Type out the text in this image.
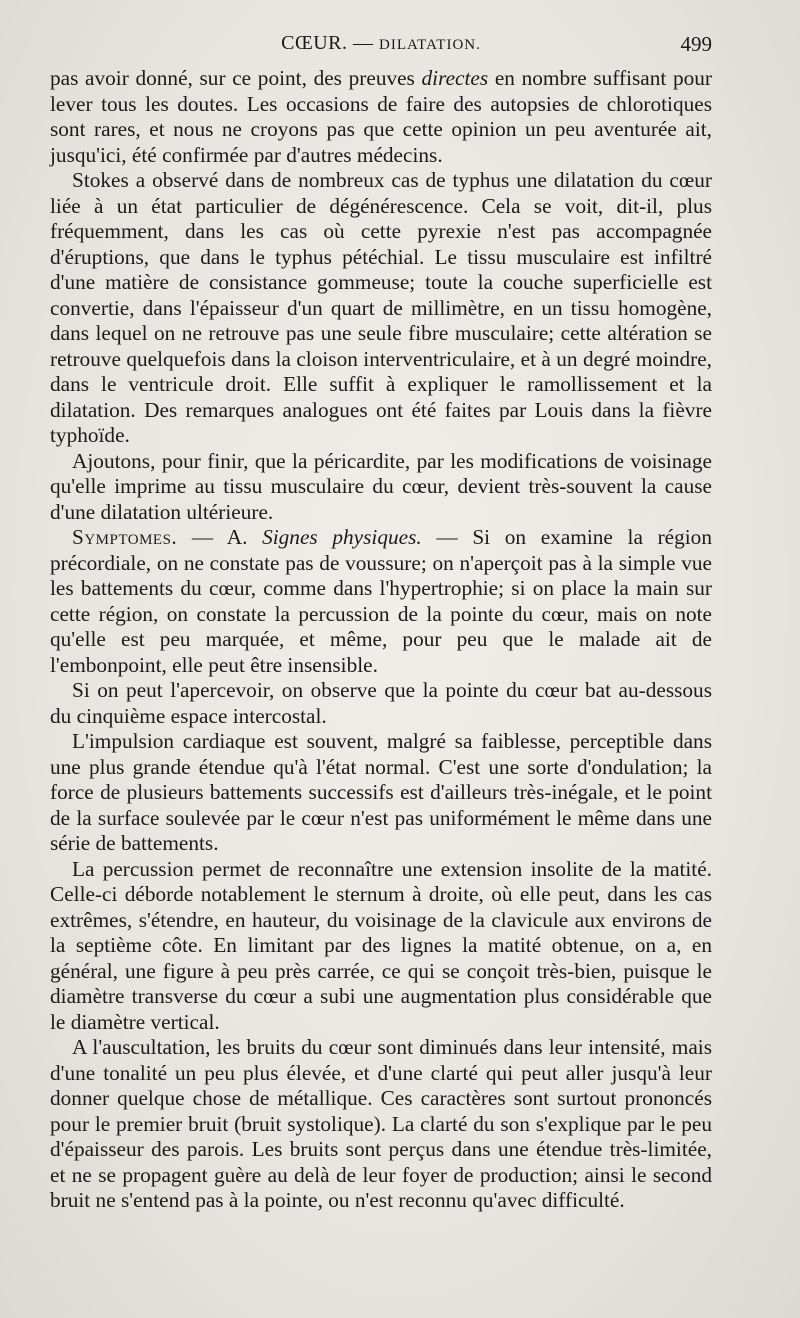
CŒUR. — DILATATION.	499

pas avoir donné, sur ce point, des preuves directes en nombre suffisant pour lever tous les doutes. Les occasions de faire des autopsies de chlorotiques sont rares, et nous ne croyons pas que cette opinion un peu aventurée ait, jusqu'ici, été confirmée par d'autres médecins.

Stokes a observé dans de nombreux cas de typhus une dilatation du cœur liée à un état particulier de dégénérescence. Cela se voit, dit-il, plus fréquemment, dans les cas où cette pyrexie n'est pas accompagnée d'éruptions, que dans le typhus pétéchial. Le tissu musculaire est infiltré d'une matière de consistance gommeuse; toute la couche superficielle est convertie, dans l'épaisseur d'un quart de millimètre, en un tissu homogène, dans lequel on ne retrouve pas une seule fibre musculaire; cette altération se retrouve quelquefois dans la cloison interventriculaire, et à un degré moindre, dans le ventricule droit. Elle suffit à expliquer le ramollissement et la dilatation. Des remarques analogues ont été faites par Louis dans la fièvre typhoïde.

Ajoutons, pour finir, que la péricardite, par les modifications de voisinage qu'elle imprime au tissu musculaire du cœur, devient très-souvent la cause d'une dilatation ultérieure.

Symptomes. — A. Signes physiques. — Si on examine la région précordiale, on ne constate pas de voussure; on n'aperçoit pas à la simple vue les battements du cœur, comme dans l'hypertrophie; si on place la main sur cette région, on constate la percussion de la pointe du cœur, mais on note qu'elle est peu marquée, et même, pour peu que le malade ait de l'embonpoint, elle peut être insensible.

Si on peut l'apercevoir, on observe que la pointe du cœur bat au-dessous du cinquième espace intercostal.

L'impulsion cardiaque est souvent, malgré sa faiblesse, perceptible dans une plus grande étendue qu'à l'état normal. C'est une sorte d'ondulation; la force de plusieurs battements successifs est d'ailleurs très-inégale, et le point de la surface soulevée par le cœur n'est pas uniformément le même dans une série de battements.

La percussion permet de reconnaître une extension insolite de la matité. Celle-ci déborde notablement le sternum à droite, où elle peut, dans les cas extrêmes, s'étendre, en hauteur, du voisinage de la clavicule aux environs de la septième côte. En limitant par des lignes la matité obtenue, on a, en général, une figure à peu près carrée, ce qui se conçoit très-bien, puisque le diamètre transverse du cœur a subi une augmentation plus considérable que le diamètre vertical.

A l'auscultation, les bruits du cœur sont diminués dans leur intensité, mais d'une tonalité un peu plus élevée, et d'une clarté qui peut aller jusqu'à leur donner quelque chose de métallique. Ces caractères sont surtout prononcés pour le premier bruit (bruit systolique). La clarté du son s'explique par le peu d'épaisseur des parois. Les bruits sont perçus dans une étendue très-limitée, et ne se propagent guère au delà de leur foyer de production; ainsi le second bruit ne s'entend pas à la pointe, ou n'est reconnu qu'avec difficulté.
